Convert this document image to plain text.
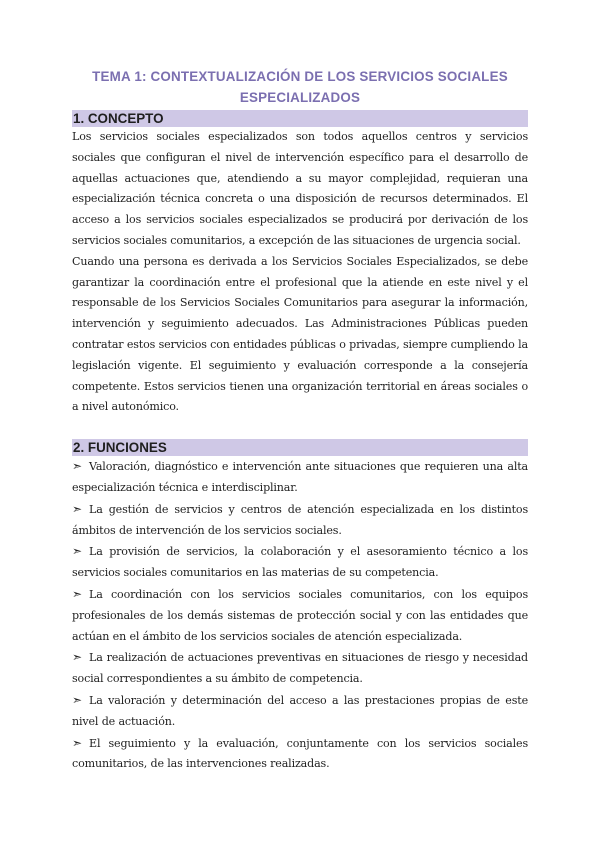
TEMA 1: CONTEXTUALIZACIÓN DE LOS SERVICIOS SOCIALES ESPECIALIZADOS
1. CONCEPTO

Los servicios sociales especializados son todos aquellos centros y servicios sociales que configuran el nivel de intervención específico para el desarrollo de aquellas actuaciones que, atendiendo a su mayor complejidad, requieran una especialización técnica concreta o una disposición de recursos determinados. El acceso a los servicios sociales especializados se producirá por derivación de los servicios sociales comunitarios, a excepción de las situaciones de urgencia social.

Cuando una persona es derivada a los Servicios Sociales Especializados, se debe garantizar la coordinación entre el profesional que la atiende en este nivel y el responsable de los Servicios Sociales Comunitarios para asegurar la información, intervención y seguimiento adecuados. Las Administraciones Públicas pueden contratar estos servicios con entidades públicas o privadas, siempre cumpliendo la legislación vigente. El seguimiento y evaluación corresponde a la consejería competente. Estos servicios tienen una organización territorial en áreas sociales o a nivel autonómico.

2. FUNCIONES
➣ Valoración, diagnóstico e intervención ante situaciones que requieren una alta especialización técnica e interdisciplinar.
➣ La gestión de servicios y centros de atención especializada en los distintos ámbitos de intervención de los servicios sociales.
➣ La provisión de servicios, la colaboración y el asesoramiento técnico a los servicios sociales comunitarios en las materias de su competencia.
➣ La coordinación con los servicios sociales comunitarios, con los equipos profesionales de los demás sistemas de protección social y con las entidades que actúan en el ámbito de los servicios sociales de atención especializada.
➣ La realización de actuaciones preventivas en situaciones de riesgo y necesidad social correspondientes a su ámbito de competencia.
➣ La valoración y determinación del acceso a las prestaciones propias de este nivel de actuación.
➣ El seguimiento y la evaluación, conjuntamente con los servicios sociales comunitarios, de las intervenciones realizadas.
